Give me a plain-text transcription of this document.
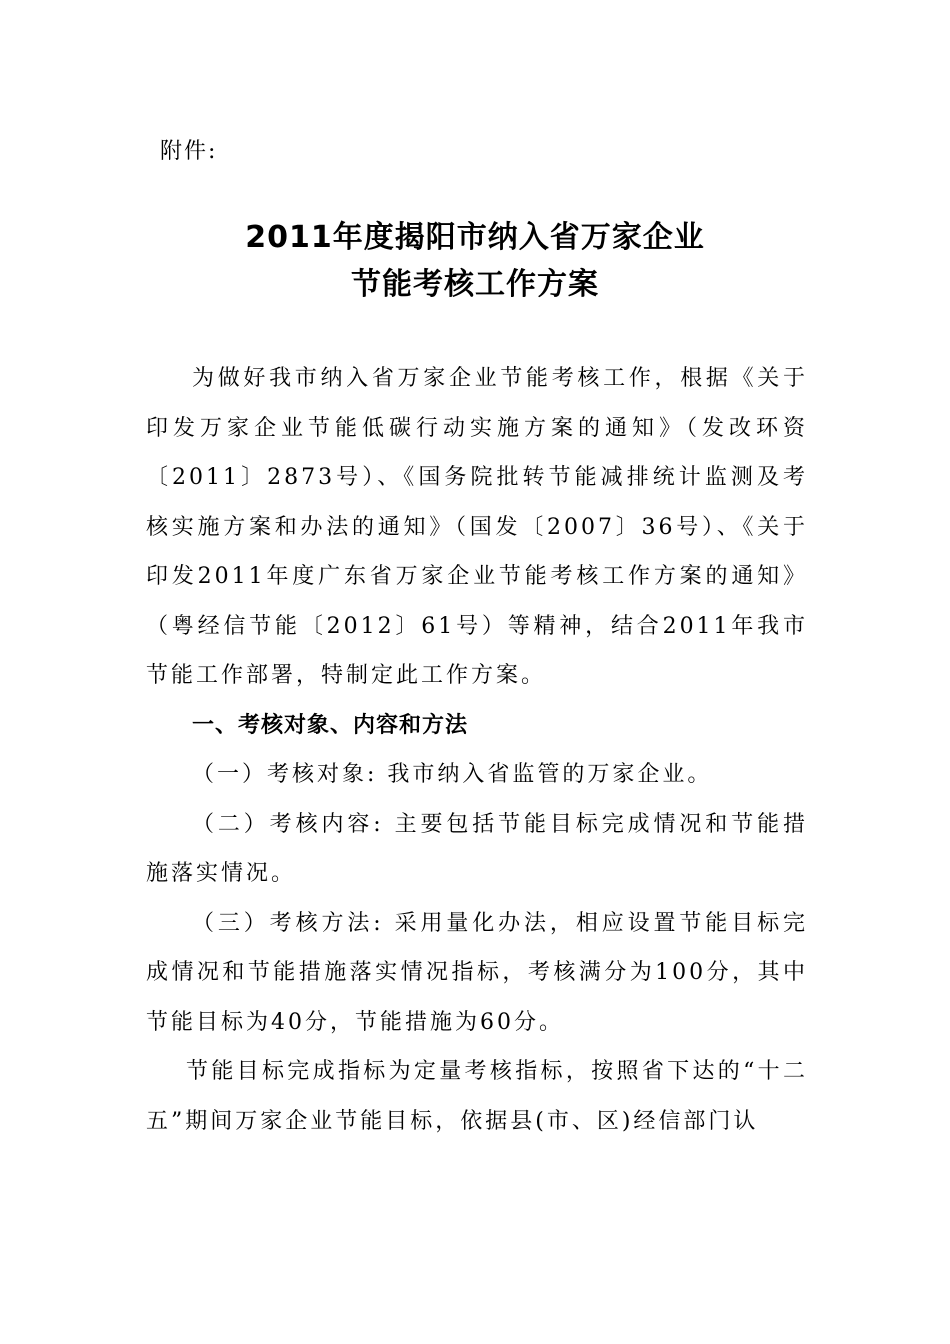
附件:
2011年度揭阳市纳入省万家企业
节能考核工作方案

为做好我市纳入省万家企业节能考核工作，根据《关于印发万家企业节能低碳行动实施方案的通知》（发改环资〔2011〕2873号）、《国务院批转节能减排统计监测及考核实施方案和办法的通知》（国发〔2007〕36号）、《关于印发2011年度广东省万家企业节能考核工作方案的通知》（粤经信节能〔2012〕61号）等精神，结合2011年我市节能工作部署，特制定此工作方案。

一、考核对象、内容和方法

（一）考核对象: 我市纳入省监管的万家企业。

（二）考核内容: 主要包括节能目标完成情况和节能措施落实情况。

（三）考核方法: 采用量化办法，相应设置节能目标完成情况和节能措施落实情况指标，考核满分为100分，其中节能目标为40分，节能措施为60分。

节能目标完成指标为定量考核指标，按照省下达的“十二五”期间万家企业节能目标，依据县(市、区)经信部门认
